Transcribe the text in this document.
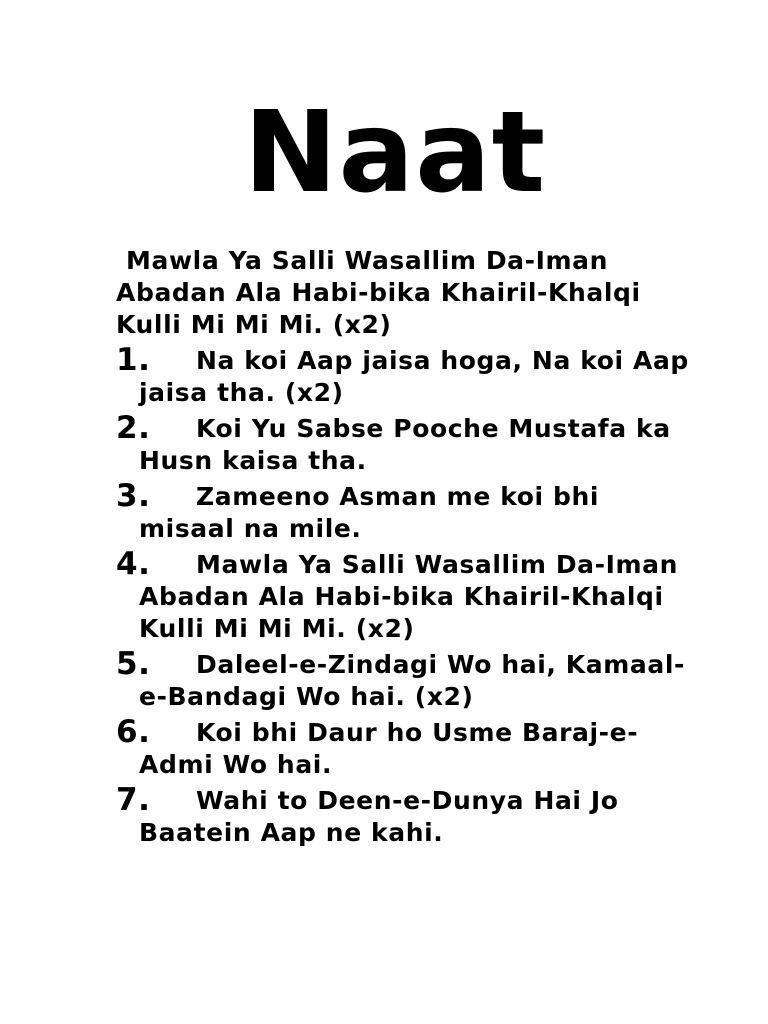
Naat

Mawla Ya Salli Wasallim Da-Iman Abadan Ala Habi-bika Khairil-Khalqi Kulli Mi Mi Mi. (x2)

1.	Na koi Aap jaisa hoga, Na koi Aap jaisa tha. (x2)
2.	Koi Yu Sabse Pooche Mustafa ka Husn kaisa tha.
3.	Zameeno Asman me koi bhi misaal na mile.
4.	Mawla Ya Salli Wasallim Da-Iman Abadan Ala Habi-bika Khairil-Khalqi Kulli Mi Mi Mi. (x2)
5.	Daleel-e-Zindagi Wo hai, Kamaal-e-Bandagi Wo hai. (x2)
6.	Koi bhi Daur ho Usme Baraj-e-Admi Wo hai.
7.	Wahi to Deen-e-Dunya Hai Jo Baatein Aap ne kahi.
